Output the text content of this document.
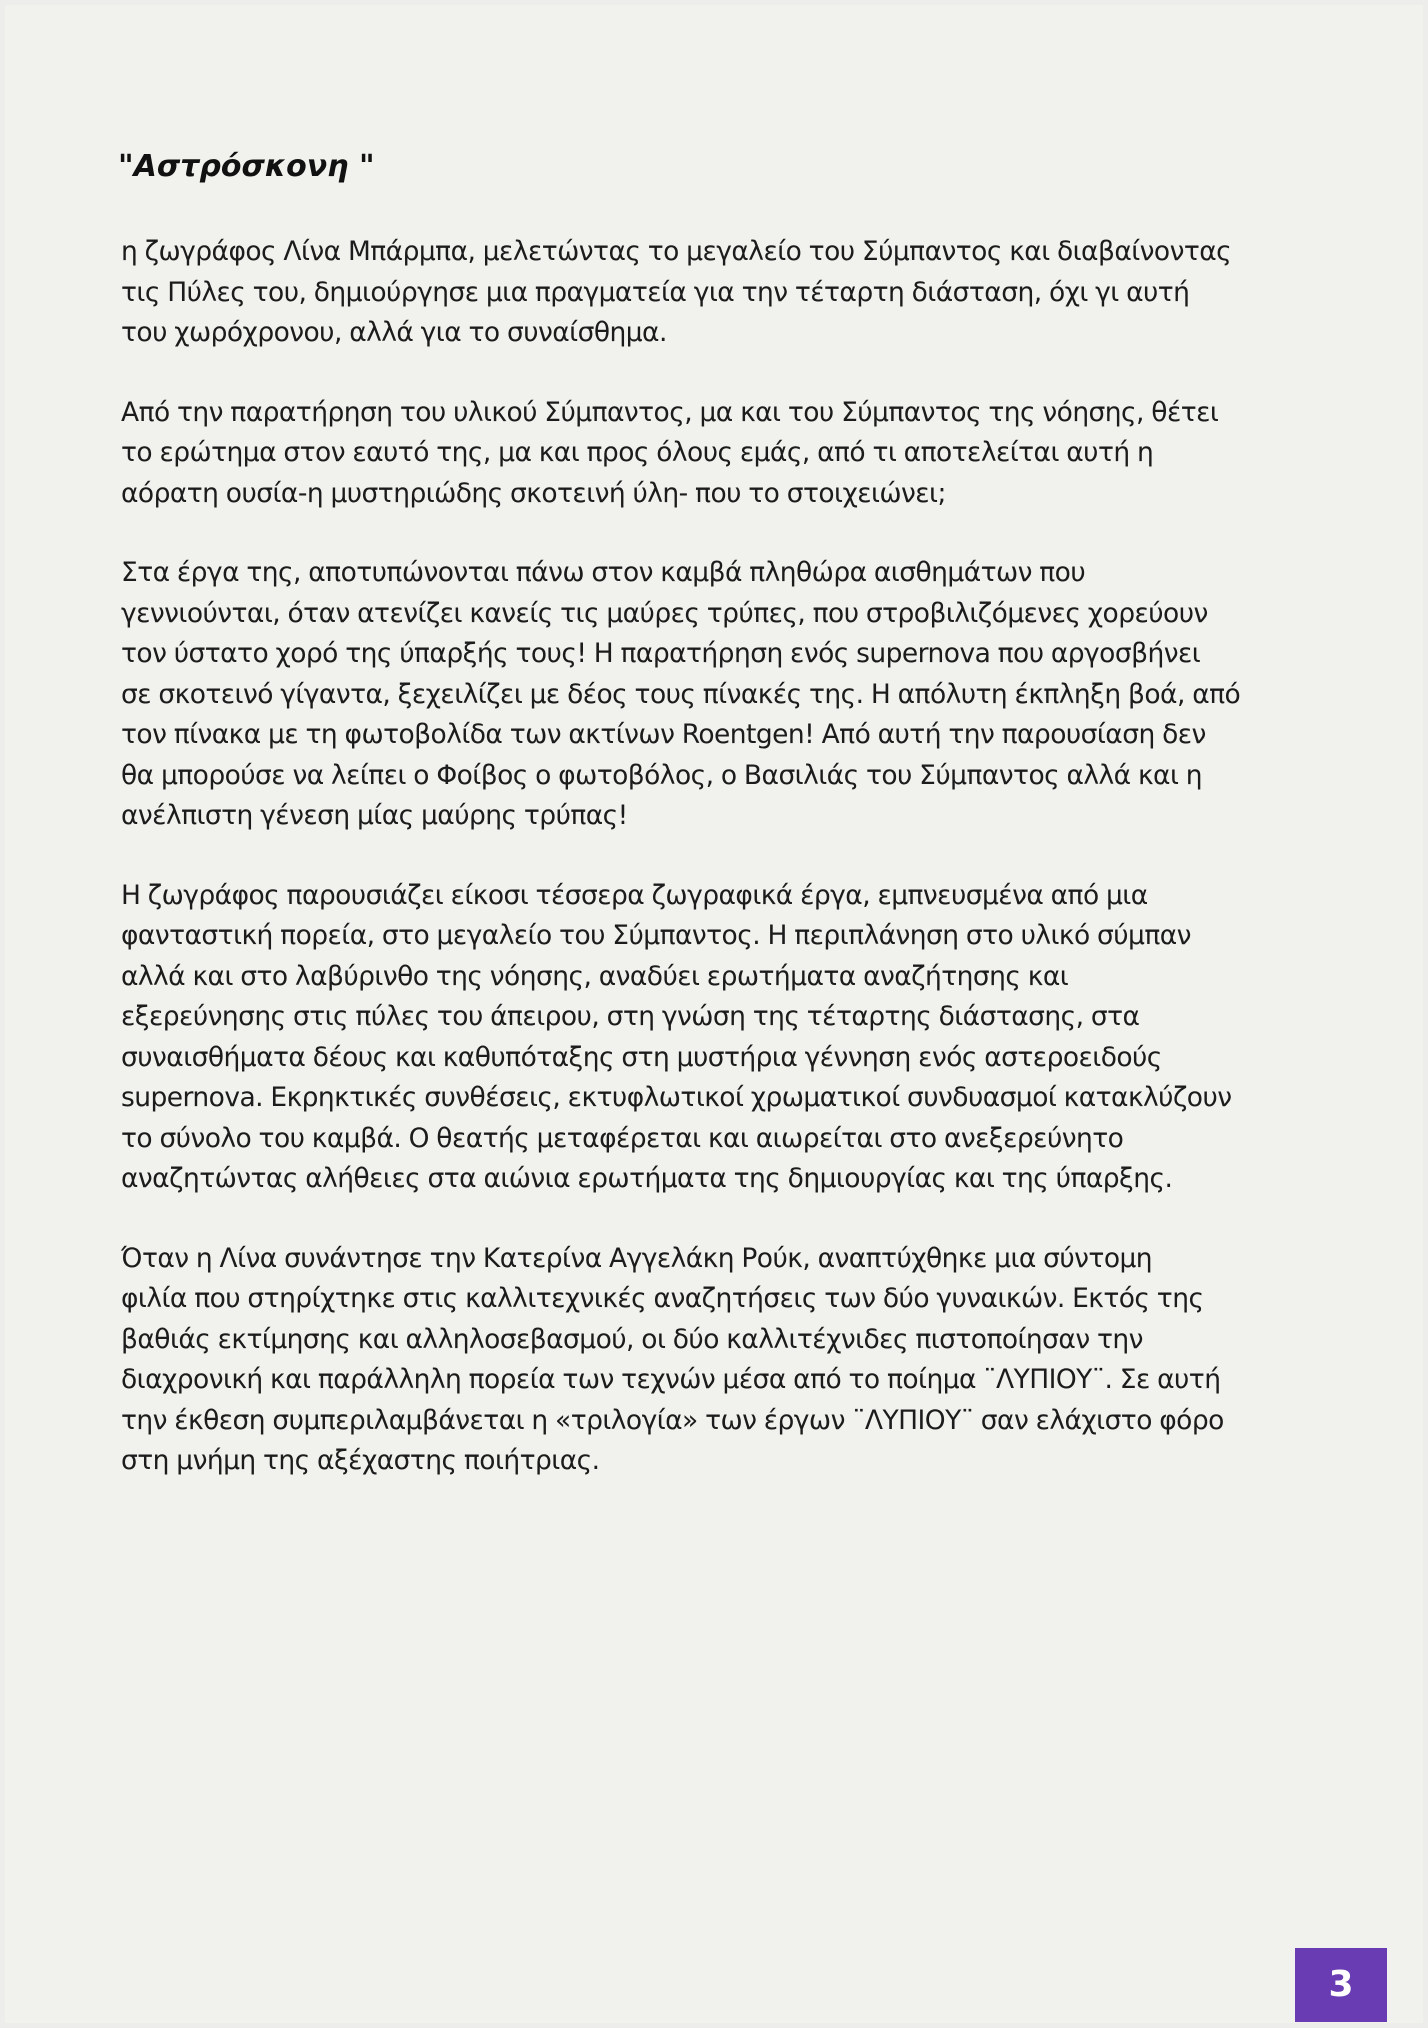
"Αστρόσκονη "

η ζωγράφος Λίνα Μπάρμπα, μελετώντας το μεγαλείο του Σύμπαντος και διαβαίνοντας
τις Πύλες του, δημιούργησε μια πραγματεία για την τέταρτη διάσταση, όχι γι αυτή
του χωρόχρονου, αλλά για το συναίσθημα.

Από την παρατήρηση του υλικού Σύμπαντος, μα και του Σύμπαντος της νόησης, θέτει
το ερώτημα στον εαυτό της, μα και προς όλους εμάς, από τι αποτελείται αυτή η
αόρατη ουσία-η μυστηριώδης σκοτεινή ύλη- που το στοιχειώνει;

Στα έργα της, αποτυπώνονται πάνω στον καμβά πληθώρα αισθημάτων που
γεννιούνται, όταν ατενίζει κανείς τις μαύρες τρύπες, που στροβιλιζόμενες χορεύουν
τον ύστατο χορό της ύπαρξής τους! Η παρατήρηση ενός supernova που αργοσβήνει
σε σκοτεινό γίγαντα, ξεχειλίζει με δέος τους πίνακές της. Η απόλυτη έκπληξη βοά, από
τον πίνακα με τη φωτοβολίδα των ακτίνων Roentgen! Από αυτή την παρουσίαση δεν
θα μπορούσε να λείπει ο Φοίβος ο φωτοβόλος, ο Βασιλιάς του Σύμπαντος αλλά και η
ανέλπιστη γένεση μίας μαύρης τρύπας!

Η ζωγράφος παρουσιάζει είκοσι τέσσερα ζωγραφικά έργα, εμπνευσμένα από μια
φανταστική πορεία, στο μεγαλείο του Σύμπαντος. Η περιπλάνηση στο υλικό σύμπαν
αλλά και στο λαβύρινθο της νόησης, αναδύει ερωτήματα αναζήτησης και
εξερεύνησης στις πύλες του άπειρου, στη γνώση της τέταρτης διάστασης, στα
συναισθήματα δέους και καθυπόταξης στη μυστήρια γέννηση ενός αστεροειδούς
supernova. Εκρηκτικές συνθέσεις, εκτυφλωτικοί χρωματικοί συνδυασμοί κατακλύζουν
το σύνολο του καμβά. Ο θεατής μεταφέρεται και αιωρείται στο ανεξερεύνητο
αναζητώντας αλήθειες στα αιώνια ερωτήματα της δημιουργίας και της ύπαρξης.

Όταν η Λίνα συνάντησε την Κατερίνα Αγγελάκη Ρούκ, αναπτύχθηκε μια σύντομη
φιλία που στηρίχτηκε στις καλλιτεχνικές αναζητήσεις των δύο γυναικών. Εκτός της
βαθιάς εκτίμησης και αλληλοσεβασμού, οι δύο καλλιτέχνιδες πιστοποίησαν την
διαχρονική και παράλληλη πορεία των τεχνών μέσα από το ποίημα ¨ΛΥΠΙΟΥ¨. Σε αυτή
την έκθεση συμπεριλαμβάνεται η «τριλογία» των έργων ¨ΛΥΠΙΟΥ¨ σαν ελάχιστο φόρο
στη μνήμη της αξέχαστης ποιήτριας.

3
